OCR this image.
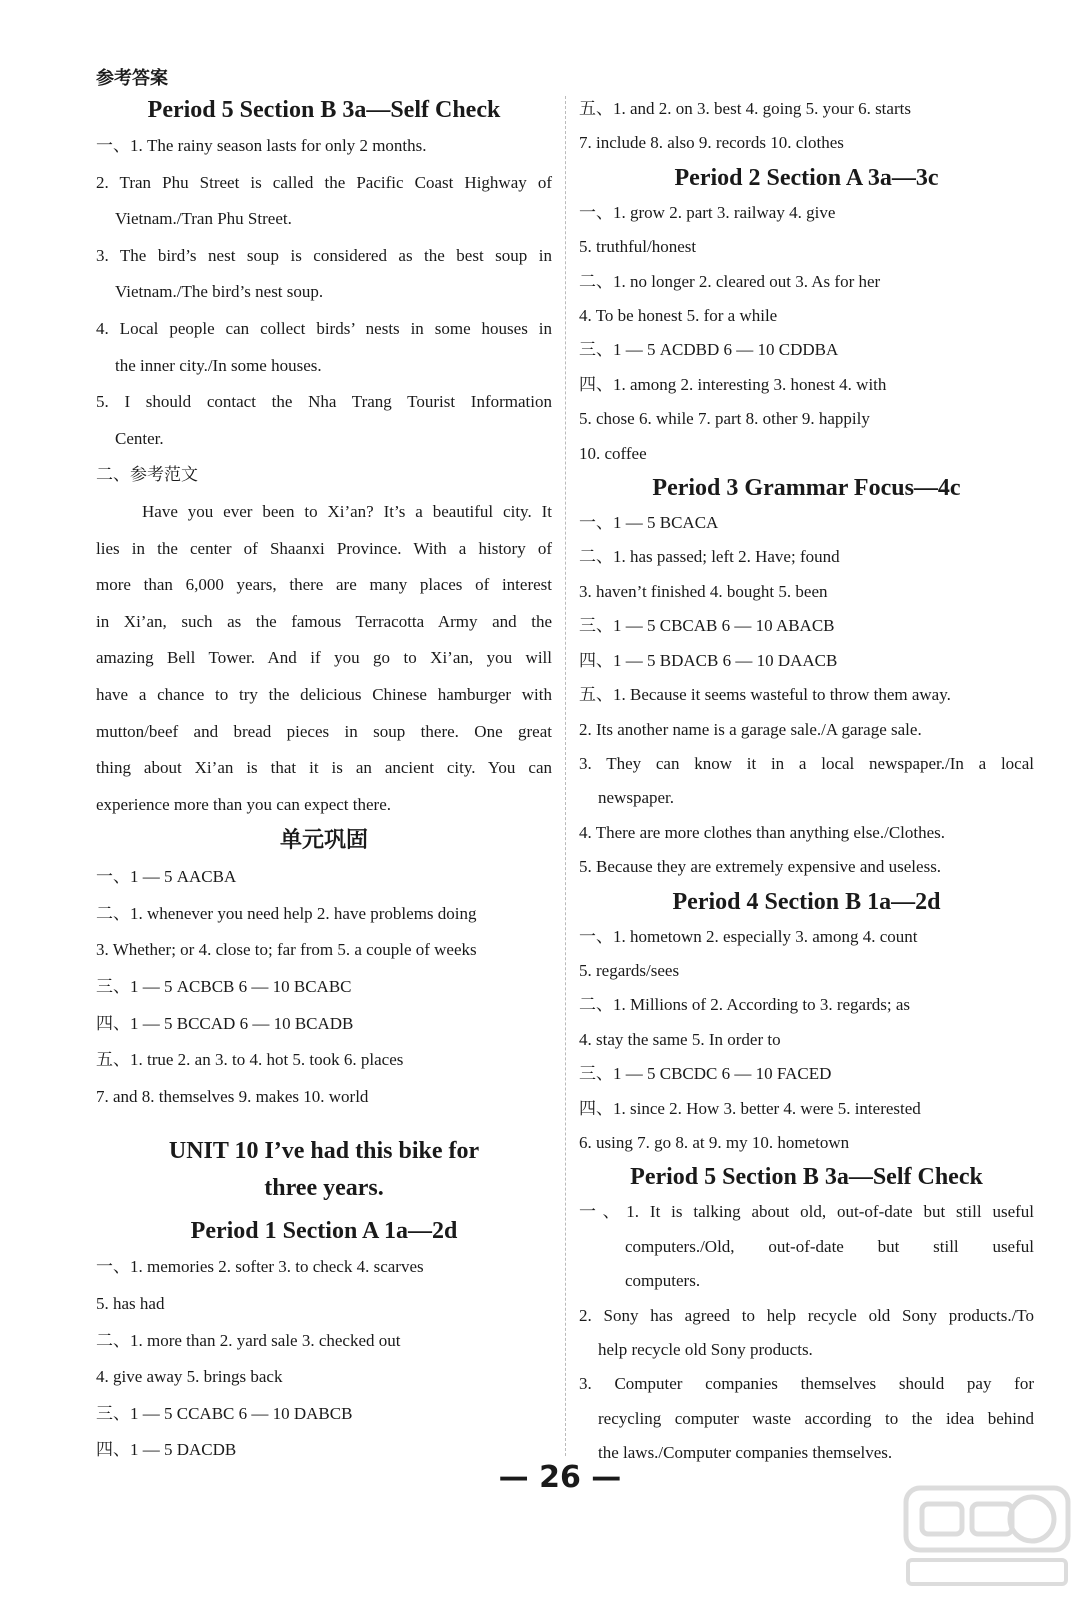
参考答案
Period 5 Section B 3a—Self Check
一、1. The rainy season lasts for only 2 months.
2. Tran Phu Street is called the Pacific Coast Highway of
Vietnam./Tran Phu Street.
3. The bird’s nest soup is considered as the best soup in
Vietnam./The bird’s nest soup.
4. Local people can collect birds’ nests in some houses in
the inner city./In some houses.
5. I should contact the Nha Trang Tourist Information
Center.
二、参考范文
Have you ever been to Xi’an? It’s a beautiful city. It
lies in the center of Shaanxi Province. With a history of
more than 6,000 years, there are many places of interest
in Xi’an, such as the famous Terracotta Army and the
amazing Bell Tower. And if you go to Xi’an, you will
have a chance to try the delicious Chinese hamburger with
mutton/beef and bread pieces in soup there. One great
thing about Xi’an is that it is an ancient city. You can
experience more than you can expect there.
单元巩固
一、1 — 5 AACBA
二、1. whenever you need help 2. have problems doing
3. Whether; or 4. close to; far from 5. a couple of weeks
三、1 — 5 ACBCB 6 — 10 BCABC
四、1 — 5 BCCAD 6 — 10 BCADB
五、1. true 2. an 3. to 4. hot 5. took 6. places
7. and 8. themselves 9. makes 10. world
UNIT 10 I’ve had this bike for
three years.
Period 1 Section A 1a—2d
一、1. memories 2. softer 3. to check 4. scarves
5. has had
二、1. more than 2. yard sale 3. checked out
4. give away 5. brings back
三、1 — 5 CCABC 6 — 10 DABCB
四、1 — 5 DACDB
五、1. and 2. on 3. best 4. going 5. your 6. starts
7. include 8. also 9. records 10. clothes
Period 2 Section A 3a—3c
一、1. grow 2. part 3. railway 4. give
5. truthful/honest
二、1. no longer 2. cleared out 3. As for her
4. To be honest 5. for a while
三、1 — 5 ACDBD 6 — 10 CDDBA
四、1. among 2. interesting 3. honest 4. with
5. chose 6. while 7. part 8. other 9. happily
10. coffee
Period 3 Grammar Focus—4c
一、1 — 5 BCACA
二、1. has passed; left 2. Have; found
3. haven’t finished 4. bought 5. been
三、1 — 5 CBCAB 6 — 10 ABACB
四、1 — 5 BDACB 6 — 10 DAACB
五、1. Because it seems wasteful to throw them away.
2. Its another name is a garage sale./A garage sale.
3. They can know it in a local newspaper./In a local
newspaper.
4. There are more clothes than anything else./Clothes.
5. Because they are extremely expensive and useless.
Period 4 Section B 1a—2d
一、1. hometown 2. especially 3. among 4. count
5. regards/sees
二、1. Millions of 2. According to 3. regards; as
4. stay the same 5. In order to
三、1 — 5 CBCDC 6 — 10 FACED
四、1. since 2. How 3. better 4. were 5. interested
6. using 7. go 8. at 9. my 10. hometown
Period 5 Section B 3a—Self Check
一、1. It is talking about old, out-of-date but still useful
computers./Old, out-of-date but still useful
computers.
2. Sony has agreed to help recycle old Sony products./To
help recycle old Sony products.
3. Computer companies themselves should pay for
recycling computer waste according to the idea behind
the laws./Computer companies themselves.
— 26 —
